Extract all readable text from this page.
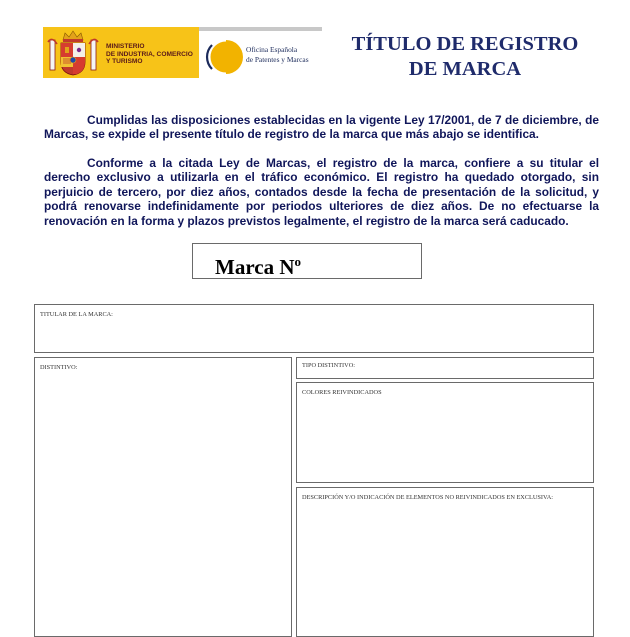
MINISTERIO
DE INDUSTRIA, COMERCIO
Y TURISMO
Oficina Española
de Patentes y Marcas
TÍTULO DE REGISTRO
DE MARCA
Cumplidas las disposiciones establecidas en la vigente Ley 17/2001, de 7 de diciembre, de Marcas, se expide el presente título de registro de la marca que más abajo se identifica.
Conforme a la citada Ley de Marcas, el registro de la marca, confiere a su titular el derecho exclusivo a utilizarla en el tráfico económico. El registro ha quedado otorgado, sin perjuicio de tercero, por diez años, contados desde la fecha de presentación de la solicitud, y podrá renovarse indefinidamente por periodos ulteriores de diez años. De no efectuarse la renovación en la forma y plazos previstos legalmente, el registro de la marca será caducado.
Marca $N^o$
TITULAR DE LA MARCA:
DISTINTIVO:	TIPO DISTINTIVO:
COLORES REIVINDICADOS
DESCRIPCIÓN Y/O INDICACIÓN DE ELEMENTOS NO REIVINDICADOS EN EXCLUSIVA:
